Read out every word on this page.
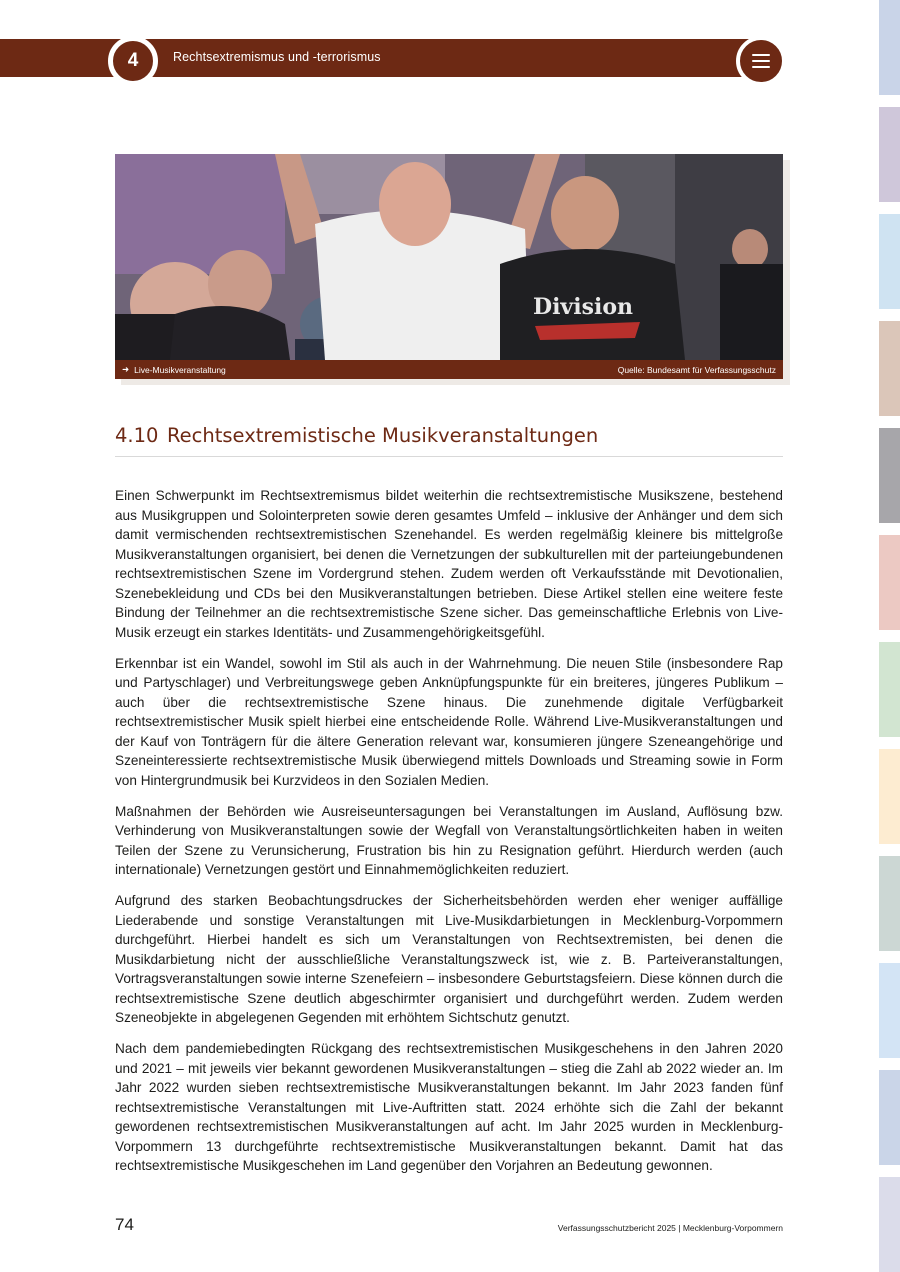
4	Rechtsextremismus und -terrorismus
Division
➜ Live-Musikveranstaltung	Quelle: Bundesamt für Verfassungsschutz
4.10 Rechtsextremistische Musikveranstaltungen

Einen Schwerpunkt im Rechtsextremismus bildet weiterhin die rechtsextremistische Musikszene, bestehend aus Musikgruppen und Solointerpreten sowie deren gesamtes Umfeld – inklusive der Anhänger und dem sich damit vermischenden rechtsextremistischen Szenehandel. Es werden regelmäßig kleinere bis mittelgroße Musikveranstaltungen organisiert, bei denen die Vernetzungen der subkulturellen mit der parteiungebundenen rechtsextremistischen Szene im Vordergrund stehen. Zudem werden oft Verkaufsstände mit Devotionalien, Szenebekleidung und CDs bei den Musikveranstaltungen betrieben. Diese Artikel stellen eine weitere feste Bindung der Teilnehmer an die rechtsextremistische Szene sicher. Das gemeinschaftliche Erlebnis von Live-Musik erzeugt ein starkes Identitäts- und Zusammengehörigkeitsgefühl.

Erkennbar ist ein Wandel, sowohl im Stil als auch in der Wahrnehmung. Die neuen Stile (insbesondere Rap und Partyschlager) und Verbreitungswege geben Anknüpfungspunkte für ein breiteres, jüngeres Publikum – auch über die rechtsextremistische Szene hinaus. Die zunehmende digitale Verfügbarkeit rechtsextremistischer Musik spielt hierbei eine entscheidende Rolle. Während Live-Musikveranstaltungen und der Kauf von Tonträgern für die ältere Generation relevant war, konsumieren jüngere Szeneangehörige und Szeneinteressierte rechtsextremistische Musik überwiegend mittels Downloads und Streaming sowie in Form von Hintergrundmusik bei Kurzvideos in den Sozialen Medien.

Maßnahmen der Behörden wie Ausreiseuntersagungen bei Veranstaltungen im Ausland, Auflösung bzw. Verhinderung von Musikveranstaltungen sowie der Wegfall von Veranstaltungsörtlichkeiten haben in weiten Teilen der Szene zu Verunsicherung, Frustration bis hin zu Resignation geführt. Hierdurch werden (auch internationale) Vernetzungen gestört und Einnahmemöglichkeiten reduziert.

Aufgrund des starken Beobachtungsdruckes der Sicherheitsbehörden werden eher weniger auffällige Liederabende und sonstige Veranstaltungen mit Live-Musikdarbietungen in Mecklenburg-Vorpommern durchgeführt. Hierbei handelt es sich um Veranstaltungen von Rechtsextremisten, bei denen die Musikdarbietung nicht der ausschließliche Veranstaltungszweck ist, wie z. B. Parteiveranstaltungen, Vortragsveranstaltungen sowie interne Szenefeiern – insbesondere Geburtstagsfeiern. Diese können durch die rechtsextremistische Szene deutlich abgeschirmter organisiert und durchgeführt werden. Zudem werden Szeneobjekte in abgelegenen Gegenden mit erhöhtem Sichtschutz genutzt.

Nach dem pandemiebedingten Rückgang des rechtsextremistischen Musikgeschehens in den Jahren 2020 und 2021 – mit jeweils vier bekannt gewordenen Musikveranstaltungen – stieg die Zahl ab 2022 wieder an. Im Jahr 2022 wurden sieben rechtsextremistische Musikveranstaltungen bekannt. Im Jahr 2023 fanden fünf rechtsextremistische Veranstaltungen mit Live-Auftritten statt. 2024 erhöhte sich die Zahl der bekannt gewordenen rechtsextremistischen Musikveranstaltungen auf acht. Im Jahr 2025 wurden in Mecklenburg-Vorpommern 13 durchgeführte rechtsextremistische Musikveranstaltungen bekannt. Damit hat das rechtsextremistische Musikgeschehen im Land gegenüber den Vorjahren an Bedeutung gewonnen.

74	Verfassungsschutzbericht 2025 | Mecklenburg-Vorpommern
